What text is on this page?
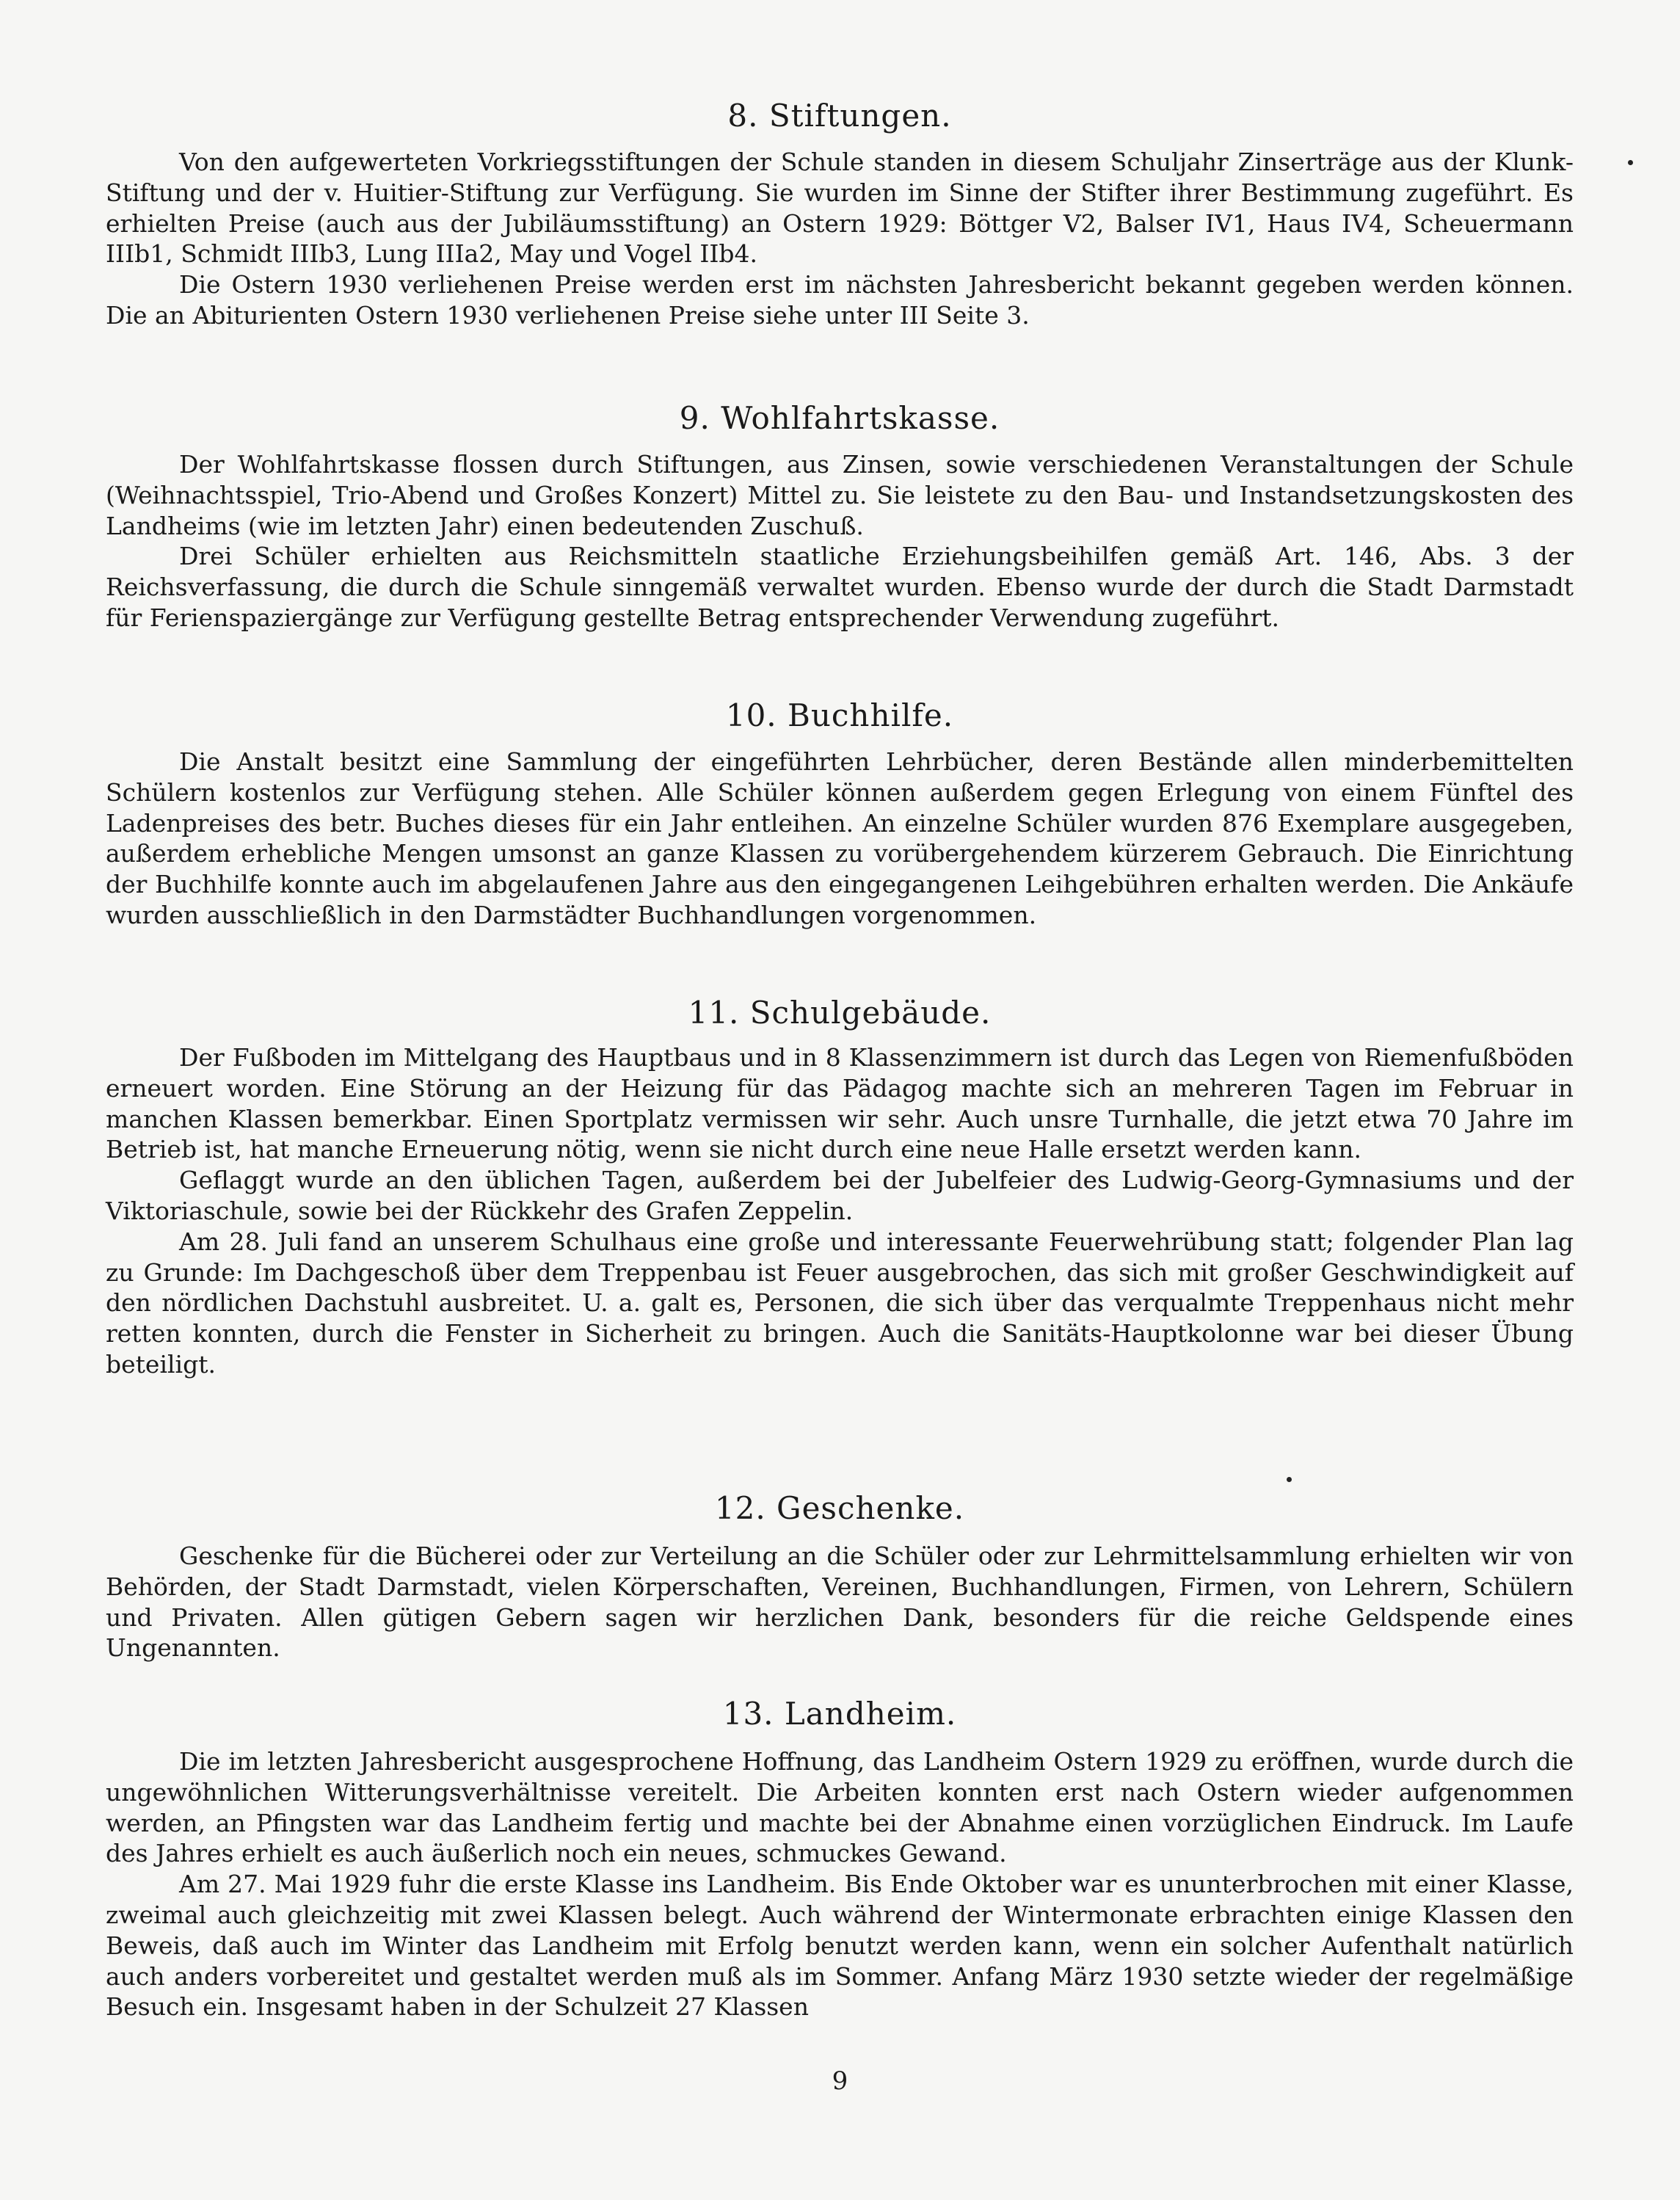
8. Stiftungen.

Von den aufgewerteten Vorkriegsstiftungen der Schule standen in diesem Schuljahr Zinserträge aus der Klunk-Stiftung und der v. Huitier-Stiftung zur Verfügung. Sie wurden im Sinne der Stifter ihrer Bestimmung zugeführt. Es erhielten Preise (auch aus der Jubiläumsstiftung) an Ostern 1929: Böttger V2, Balser IV1, Haus IV4, Scheuermann IIIb1, Schmidt IIIb3, Lung IIIa2, May und Vogel IIb4.

Die Ostern 1930 verliehenen Preise werden erst im nächsten Jahresbericht bekannt gegeben werden können. Die an Abiturienten Ostern 1930 verliehenen Preise siehe unter III Seite 3.

9. Wohlfahrtskasse.

Der Wohlfahrtskasse flossen durch Stiftungen, aus Zinsen, sowie verschiedenen Veranstaltungen der Schule (Weihnachtsspiel, Trio-Abend und Großes Konzert) Mittel zu. Sie leistete zu den Bau- und Instandsetzungskosten des Landheims (wie im letzten Jahr) einen bedeutenden Zuschuß.

Drei Schüler erhielten aus Reichsmitteln staatliche Erziehungsbeihilfen gemäß Art. 146, Abs. 3 der Reichsverfassung, die durch die Schule sinngemäß verwaltet wurden. Ebenso wurde der durch die Stadt Darmstadt für Ferienspaziergänge zur Verfügung gestellte Betrag entsprechender Verwendung zugeführt.

10. Buchhilfe.

Die Anstalt besitzt eine Sammlung der eingeführten Lehrbücher, deren Bestände allen minderbemittelten Schülern kostenlos zur Verfügung stehen. Alle Schüler können außerdem gegen Erlegung von einem Fünftel des Ladenpreises des betr. Buches dieses für ein Jahr entleihen. An einzelne Schüler wurden 876 Exemplare ausgegeben, außerdem erhebliche Mengen umsonst an ganze Klassen zu vorübergehendem kürzerem Gebrauch. Die Einrichtung der Buchhilfe konnte auch im abgelaufenen Jahre aus den eingegangenen Leihgebühren erhalten werden. Die Ankäufe wurden ausschließlich in den Darmstädter Buchhandlungen vorgenommen.

11. Schulgebäude.

Der Fußboden im Mittelgang des Hauptbaus und in 8 Klassenzimmern ist durch das Legen von Riemenfußböden erneuert worden. Eine Störung an der Heizung für das Pädagog machte sich an mehreren Tagen im Februar in manchen Klassen bemerkbar. Einen Sportplatz vermissen wir sehr. Auch unsre Turnhalle, die jetzt etwa 70 Jahre im Betrieb ist, hat manche Erneuerung nötig, wenn sie nicht durch eine neue Halle ersetzt werden kann.

Geflaggt wurde an den üblichen Tagen, außerdem bei der Jubelfeier des Ludwig-Georg-Gymnasiums und der Viktoriaschule, sowie bei der Rückkehr des Grafen Zeppelin.

Am 28. Juli fand an unserem Schulhaus eine große und interessante Feuerwehrübung statt; folgender Plan lag zu Grunde: Im Dachgeschoß über dem Treppenbau ist Feuer ausgebrochen, das sich mit großer Geschwindigkeit auf den nördlichen Dachstuhl ausbreitet. U. a. galt es, Personen, die sich über das verqualmte Treppenhaus nicht mehr retten konnten, durch die Fenster in Sicherheit zu bringen. Auch die Sanitäts-Hauptkolonne war bei dieser Übung beteiligt.

12. Geschenke.

Geschenke für die Bücherei oder zur Verteilung an die Schüler oder zur Lehrmittelsammlung erhielten wir von Behörden, der Stadt Darmstadt, vielen Körperschaften, Vereinen, Buchhandlungen, Firmen, von Lehrern, Schülern und Privaten. Allen gütigen Gebern sagen wir herzlichen Dank, besonders für die reiche Geldspende eines Ungenannten.

13. Landheim.

Die im letzten Jahresbericht ausgesprochene Hoffnung, das Landheim Ostern 1929 zu eröffnen, wurde durch die ungewöhnlichen Witterungsverhältnisse vereitelt. Die Arbeiten konnten erst nach Ostern wieder aufgenommen werden, an Pfingsten war das Landheim fertig und machte bei der Abnahme einen vorzüglichen Eindruck. Im Laufe des Jahres erhielt es auch äußerlich noch ein neues, schmuckes Gewand.

Am 27. Mai 1929 fuhr die erste Klasse ins Landheim. Bis Ende Oktober war es ununterbrochen mit einer Klasse, zweimal auch gleichzeitig mit zwei Klassen belegt. Auch während der Wintermonate erbrachten einige Klassen den Beweis, daß auch im Winter das Landheim mit Erfolg benutzt werden kann, wenn ein solcher Aufenthalt natürlich auch anders vorbereitet und gestaltet werden muß als im Sommer. Anfang März 1930 setzte wieder der regelmäßige Besuch ein. Insgesamt haben in der Schulzeit 27 Klassen

9
